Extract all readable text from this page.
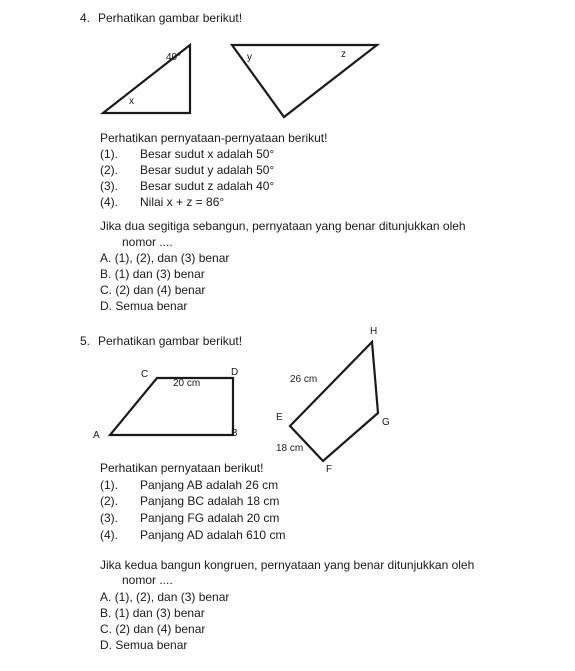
4. Perhatikan gambar berikut!
40°
x
y	z
Perhatikan pernyataan-pernyataan berikut!
(1). Besar sudut x adalah 50°
(2). Besar sudut y adalah 50°
(3). Besar sudut z adalah 40°
(4). Nilai x + z = 86°
Jika dua segitiga sebangun, pernyataan yang benar ditunjukkan oleh
nomor ....
A. (1), (2), dan (3) benar
B. (1) dan (3) benar
C. (2) dan (4) benar
D. Semua benar
5. Perhatikan gambar berikut!
C	D
A	B
20 cm
H
E	G
F
26 cm
18 cm
Perhatikan pernyataan berikut!
(1). Panjang AB adalah 26 cm
(2). Panjang BC adalah 18 cm
(3). Panjang FG adalah 20 cm
(4). Panjang AD adalah 610 cm
Jika kedua bangun kongruen, pernyataan yang benar ditunjukkan oleh
nomor ....
A. (1), (2), dan (3) benar
B. (1) dan (3) benar
C. (2) dan (4) benar
D. Semua benar
